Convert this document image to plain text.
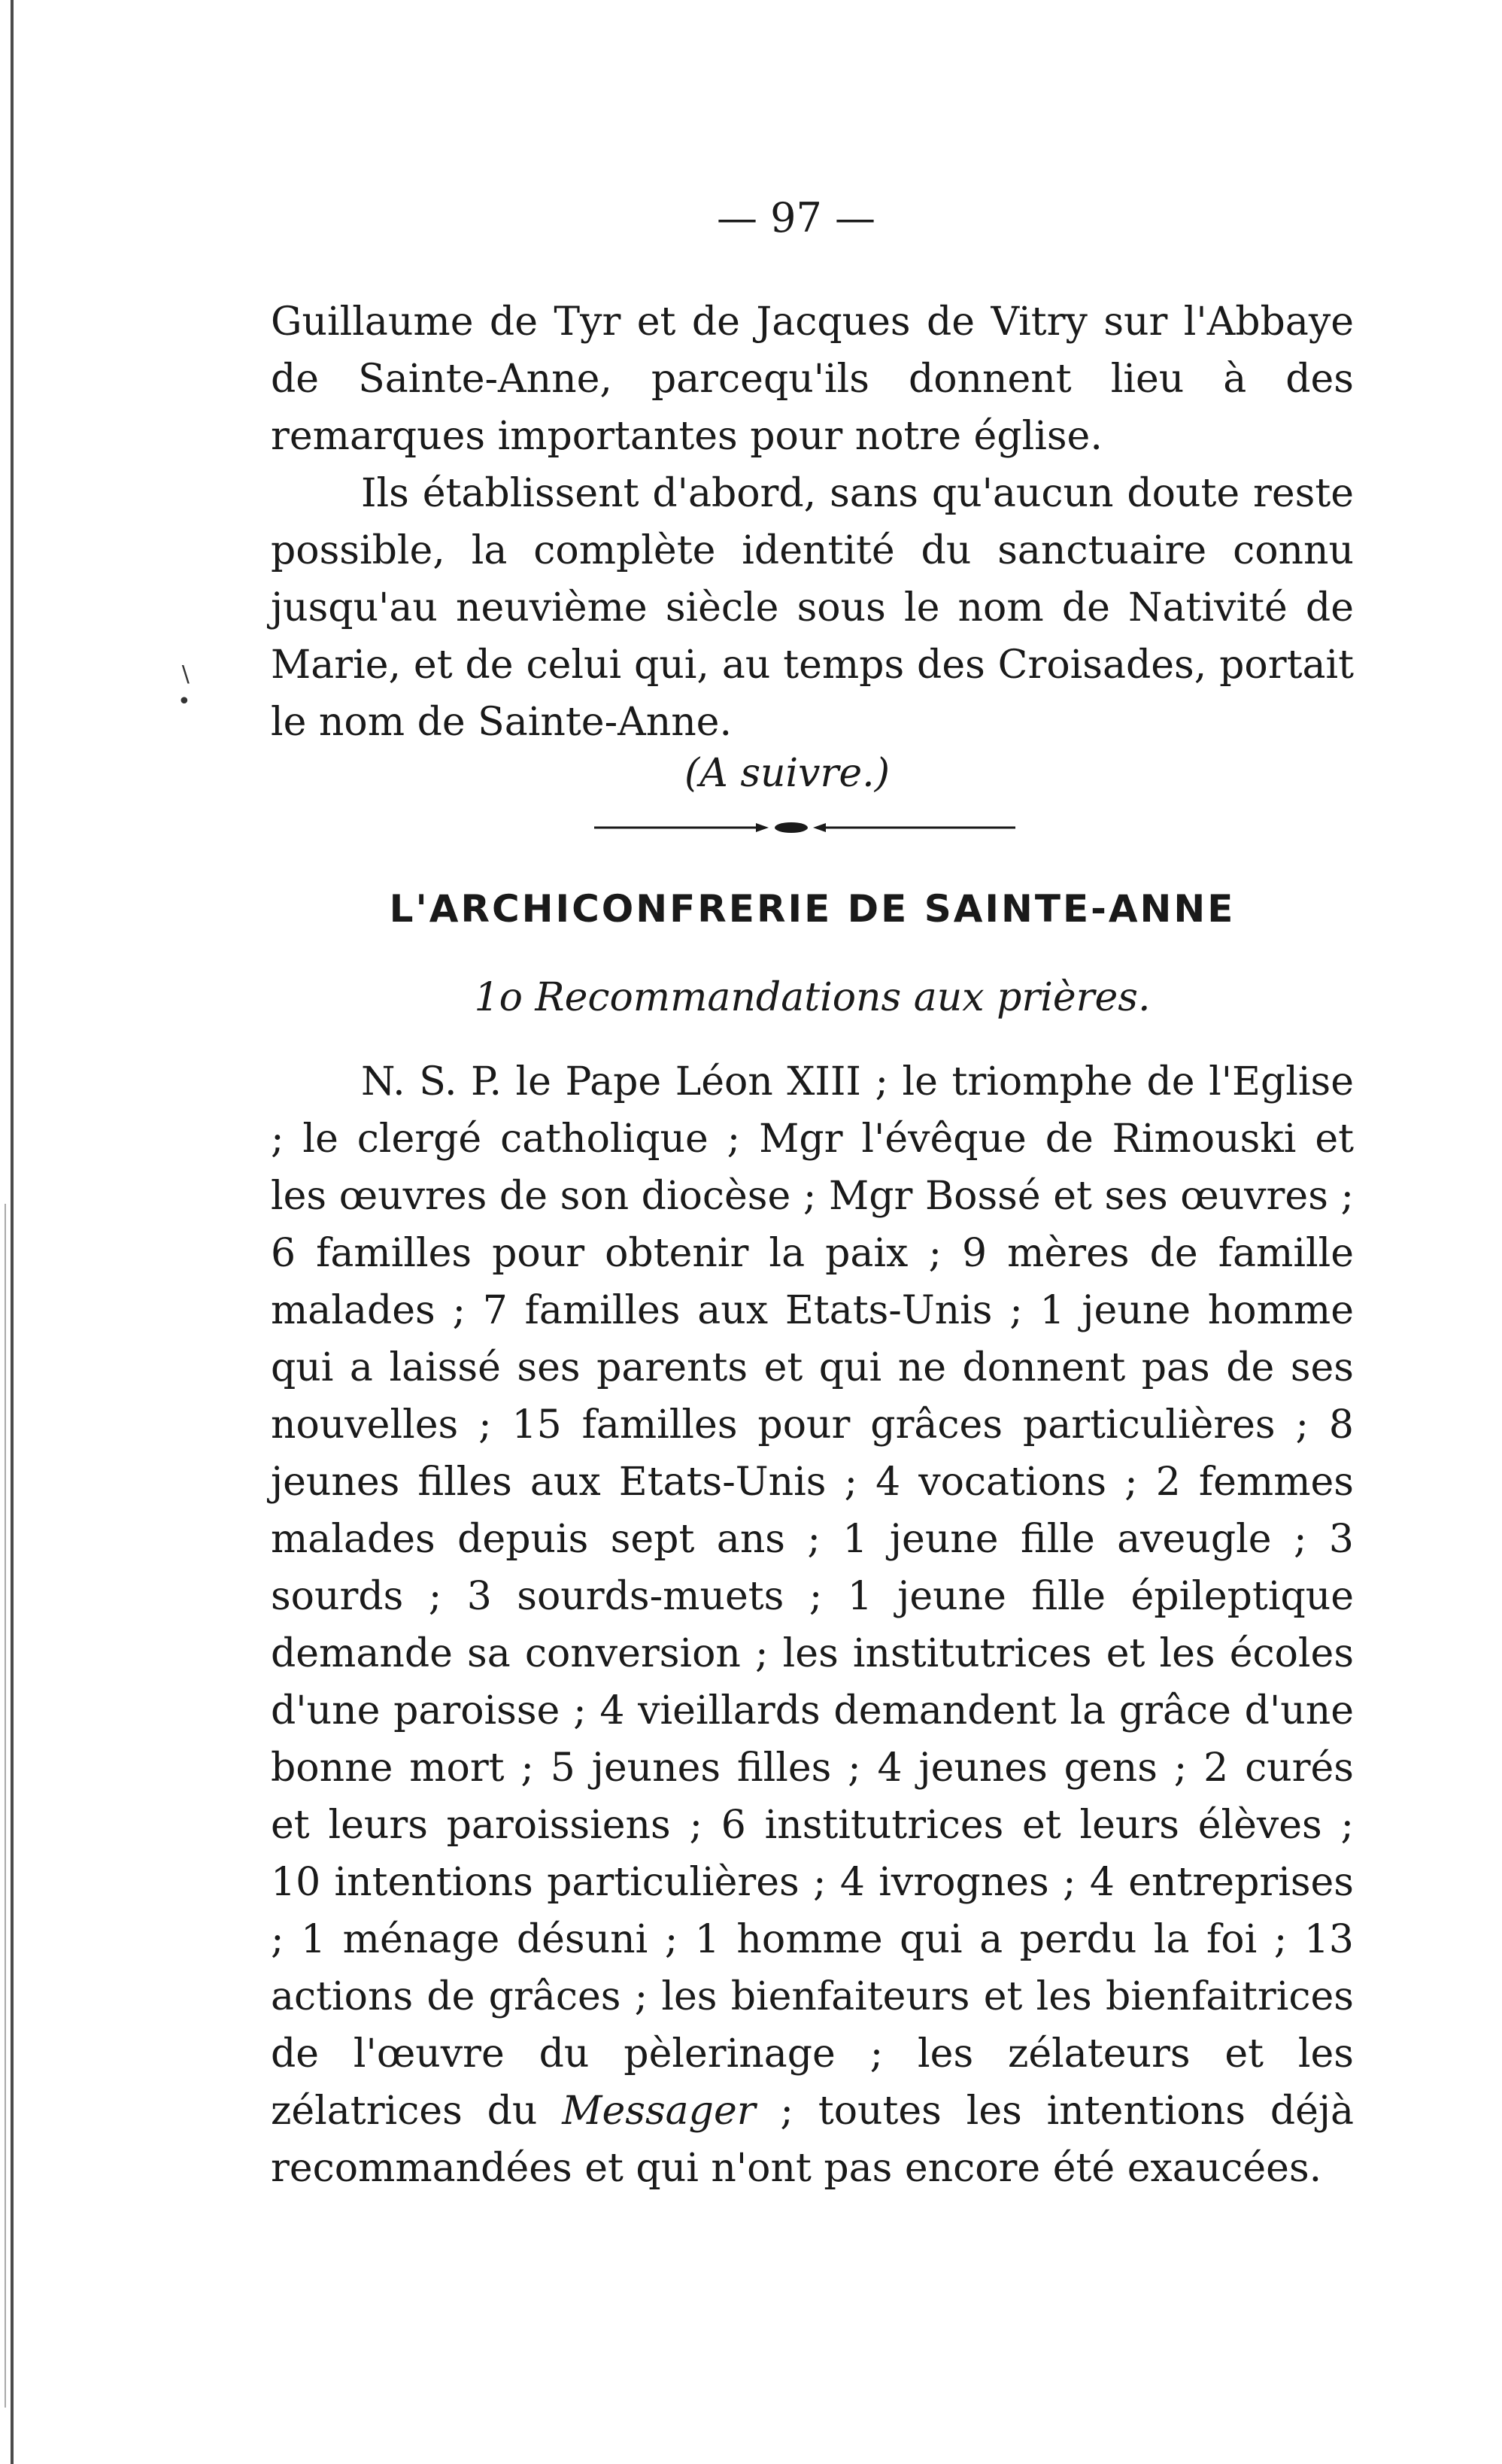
— 97 —

Guillaume de Tyr et de Jacques de Vitry sur l'Abbaye de Sainte-Anne, parcequ'ils donnent lieu à des remarques importantes pour notre église.

Ils établissent d'abord, sans qu'aucun doute reste possible, la complète identité du sanctuaire connu jusqu'au neuvième siècle sous le nom de Nativité de Marie, et de celui qui, au temps des Croisades, portait le nom de Sainte-Anne.

∖
•
(A suivre.)
L'ARCHICONFRERIE DE SAINTE-ANNE
1o Recommandations aux prières.

N. S. P. le Pape Léon XIII ; le triomphe de l'Eglise ; le clergé catholique ; Mgr l'évêque de Rimouski et les œuvres de son diocèse ; Mgr Bossé et ses œuvres ; 6 familles pour obtenir la paix ; 9 mères de famille malades ; 7 familles aux Etats-Unis ; 1 jeune homme qui a laissé ses parents et qui ne donnent pas de ses nouvelles ; 15 familles pour grâces particulières ; 8 jeunes filles aux Etats-Unis ; 4 vocations ; 2 femmes malades depuis sept ans ; 1 jeune fille aveugle ; 3 sourds ; 3 sourds-muets ; 1 jeune fille épileptique demande sa conversion ; les institutrices et les écoles d'une paroisse ; 4 vieillards demandent la grâce d'une bonne mort ; 5 jeunes filles ; 4 jeunes gens ; 2 curés et leurs paroissiens ; 6 institutrices et leurs élèves ; 10 intentions particulières ; 4 ivrognes ; 4 entreprises ; 1 ménage désuni ; 1 homme qui a perdu la foi ; 13 actions de grâces ; les bienfaiteurs et les bienfaitrices de l'œuvre du pèlerinage ; les zélateurs et les zélatrices du Messager ; toutes les intentions déjà recommandées et qui n'ont pas encore été exaucées.
